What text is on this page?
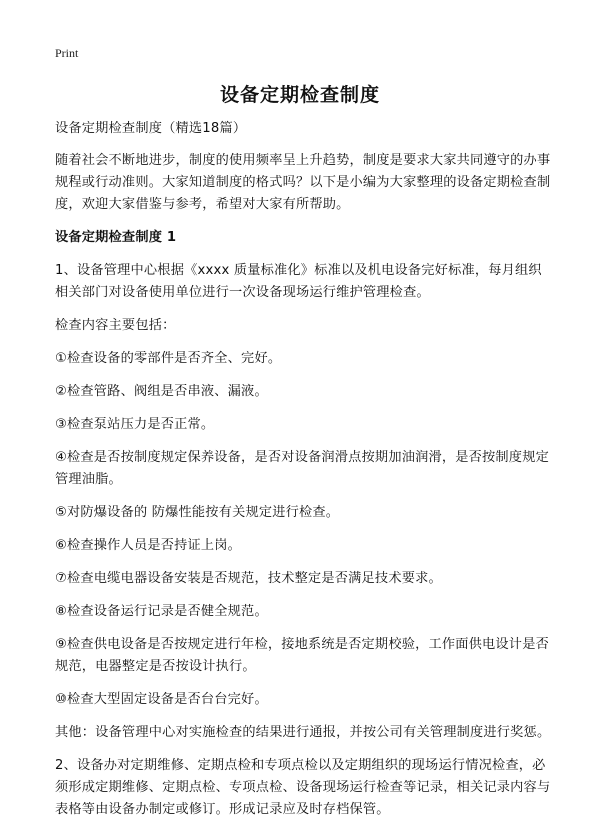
Print
设备定期检查制度

设备定期检查制度（精选18篇）

随着社会不断地进步，制度的使用频率呈上升趋势，制度是要求大家共同遵守的办事规程或行动准则。大家知道制度的格式吗？以下是小编为大家整理的设备定期检查制度，欢迎大家借鉴与参考，希望对大家有所帮助。

设备定期检查制度 1

1、设备管理中心根据《xxxx 质量标准化》标准以及机电设备完好标准，每月组织相关部门对设备使用单位进行一次设备现场运行维护管理检查。

检查内容主要包括：

①检查设备的零部件是否齐全、完好。

②检查管路、阀组是否串液、漏液。

③检查泵站压力是否正常。

④检查是否按制度规定保养设备，是否对设备润滑点按期加油润滑，是否按制度规定管理油脂。

⑤对防爆设备的 防爆性能按有关规定进行检查。

⑥检查操作人员是否持证上岗。

⑦检查电缆电器设备安装是否规范，技术整定是否满足技术要求。

⑧检查设备运行记录是否健全规范。

⑨检查供电设备是否按规定进行年检，接地系统是否定期校验，工作面供电设计是否规范，电器整定是否按设计执行。

⑩检查大型固定设备是否台台完好。

其他：设备管理中心对实施检查的结果进行通报，并按公司有关管理制度进行奖惩。

2、设备办对定期维修、定期点检和专项点检以及定期组织的现场运行情况检查，必须形成定期维修、定期点检、专项点检、设备现场运行检查等记录，相关记录内容与表格等由设备办制定或修订。形成记录应及时存档保管。
